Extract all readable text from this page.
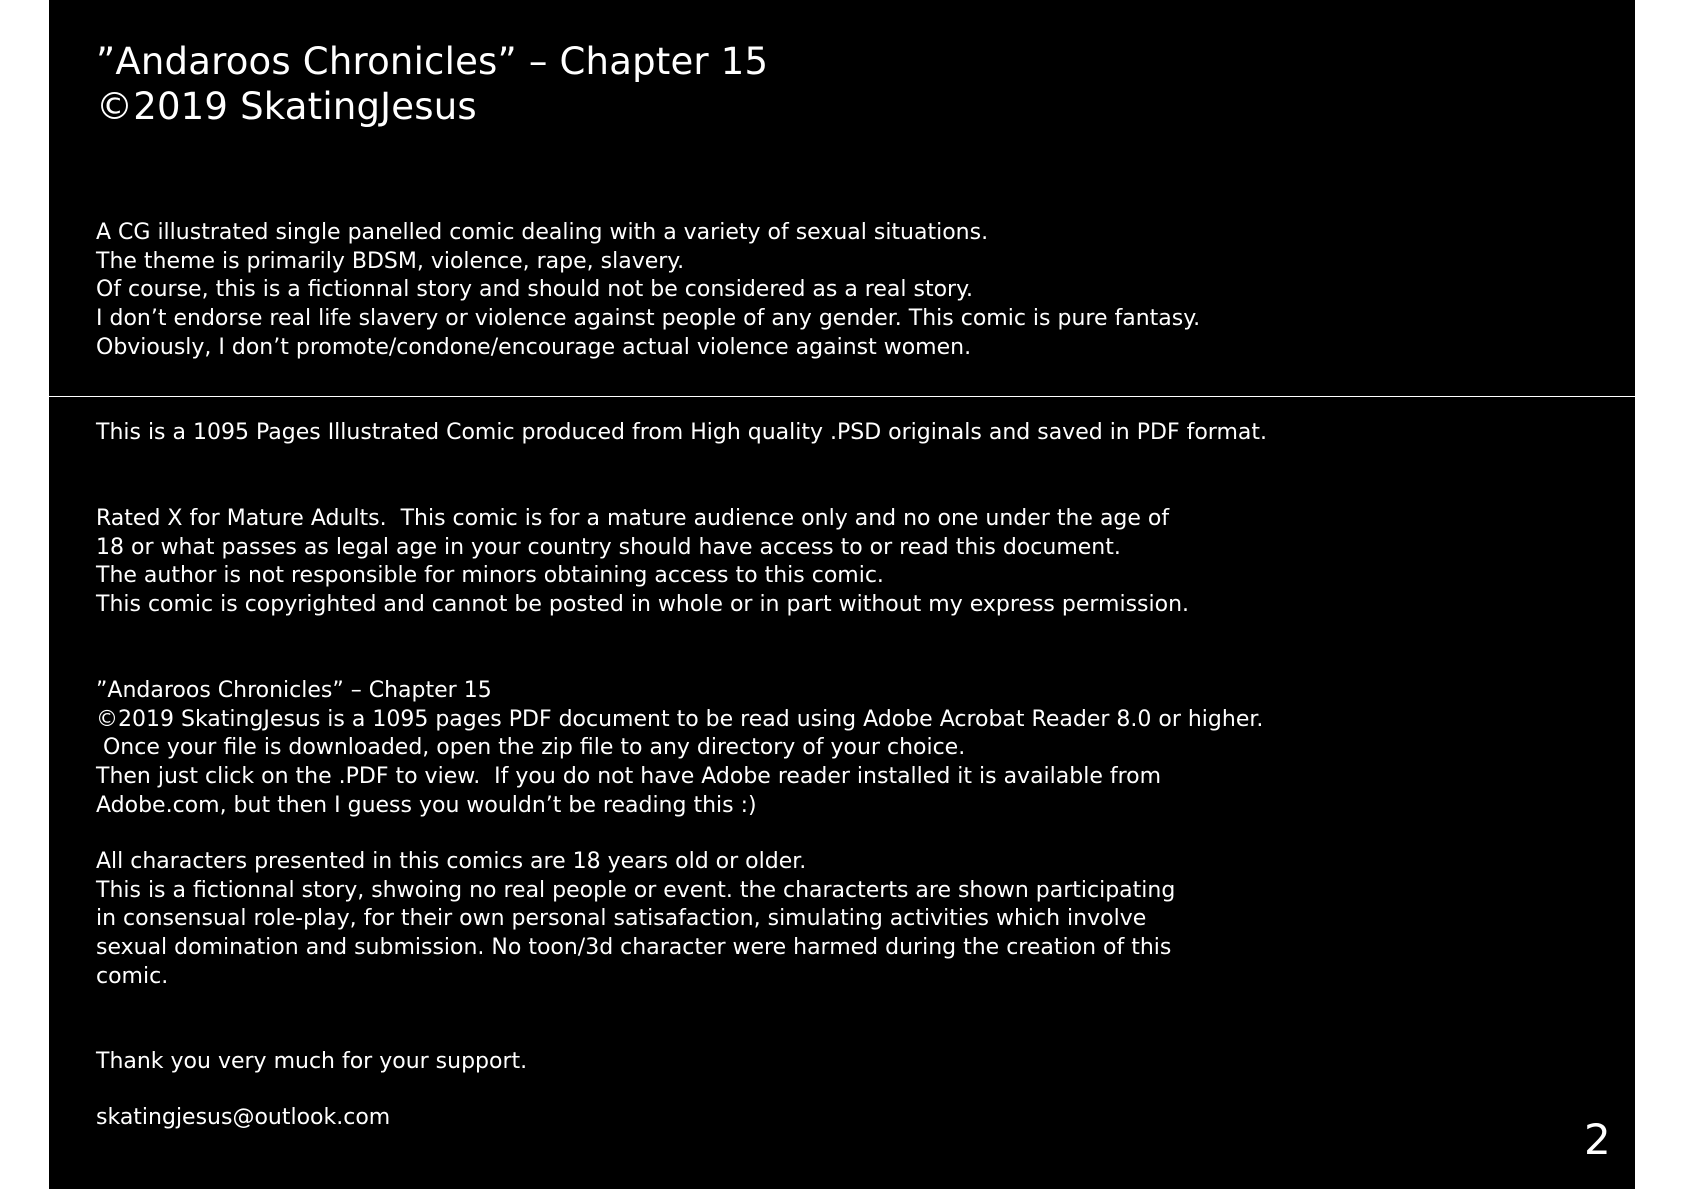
”Andaroos Chronicles” – Chapter 15
©2019 SkatingJesus
A CG illustrated single panelled comic dealing with a variety of sexual situations.
The theme is primarily BDSM, violence, rape, slavery.
Of course, this is a fictionnal story and should not be considered as a real story.
I don’t endorse real life slavery or violence against people of any gender. This comic is pure fantasy.
Obviously, I don’t promote/condone/encourage actual violence against women.
This is a 1095 Pages Illustrated Comic produced from High quality .PSD originals and saved in PDF format.
Rated X for Mature Adults.  This comic is for a mature audience only and no one under the age of
18 or what passes as legal age in your country should have access to or read this document.
The author is not responsible for minors obtaining access to this comic.
This comic is copyrighted and cannot be posted in whole or in part without my express permission.
”Andaroos Chronicles” – Chapter 15
©2019 SkatingJesus is a 1095 pages PDF document to be read using Adobe Acrobat Reader 8.0 or higher.
Once your file is downloaded, open the zip file to any directory of your choice.
Then just click on the .PDF to view.  If you do not have Adobe reader installed it is available from
Adobe.com, but then I guess you wouldn’t be reading this :)
All characters presented in this comics are 18 years old or older.
This is a fictionnal story, shwoing no real people or event. the characterts are shown participating
in consensual role-play, for their own personal satisafaction, simulating activities which involve
sexual domination and submission. No toon/3d character were harmed during the creation of this
comic.
Thank you very much for your support.
skatingjesus@outlook.com	2
